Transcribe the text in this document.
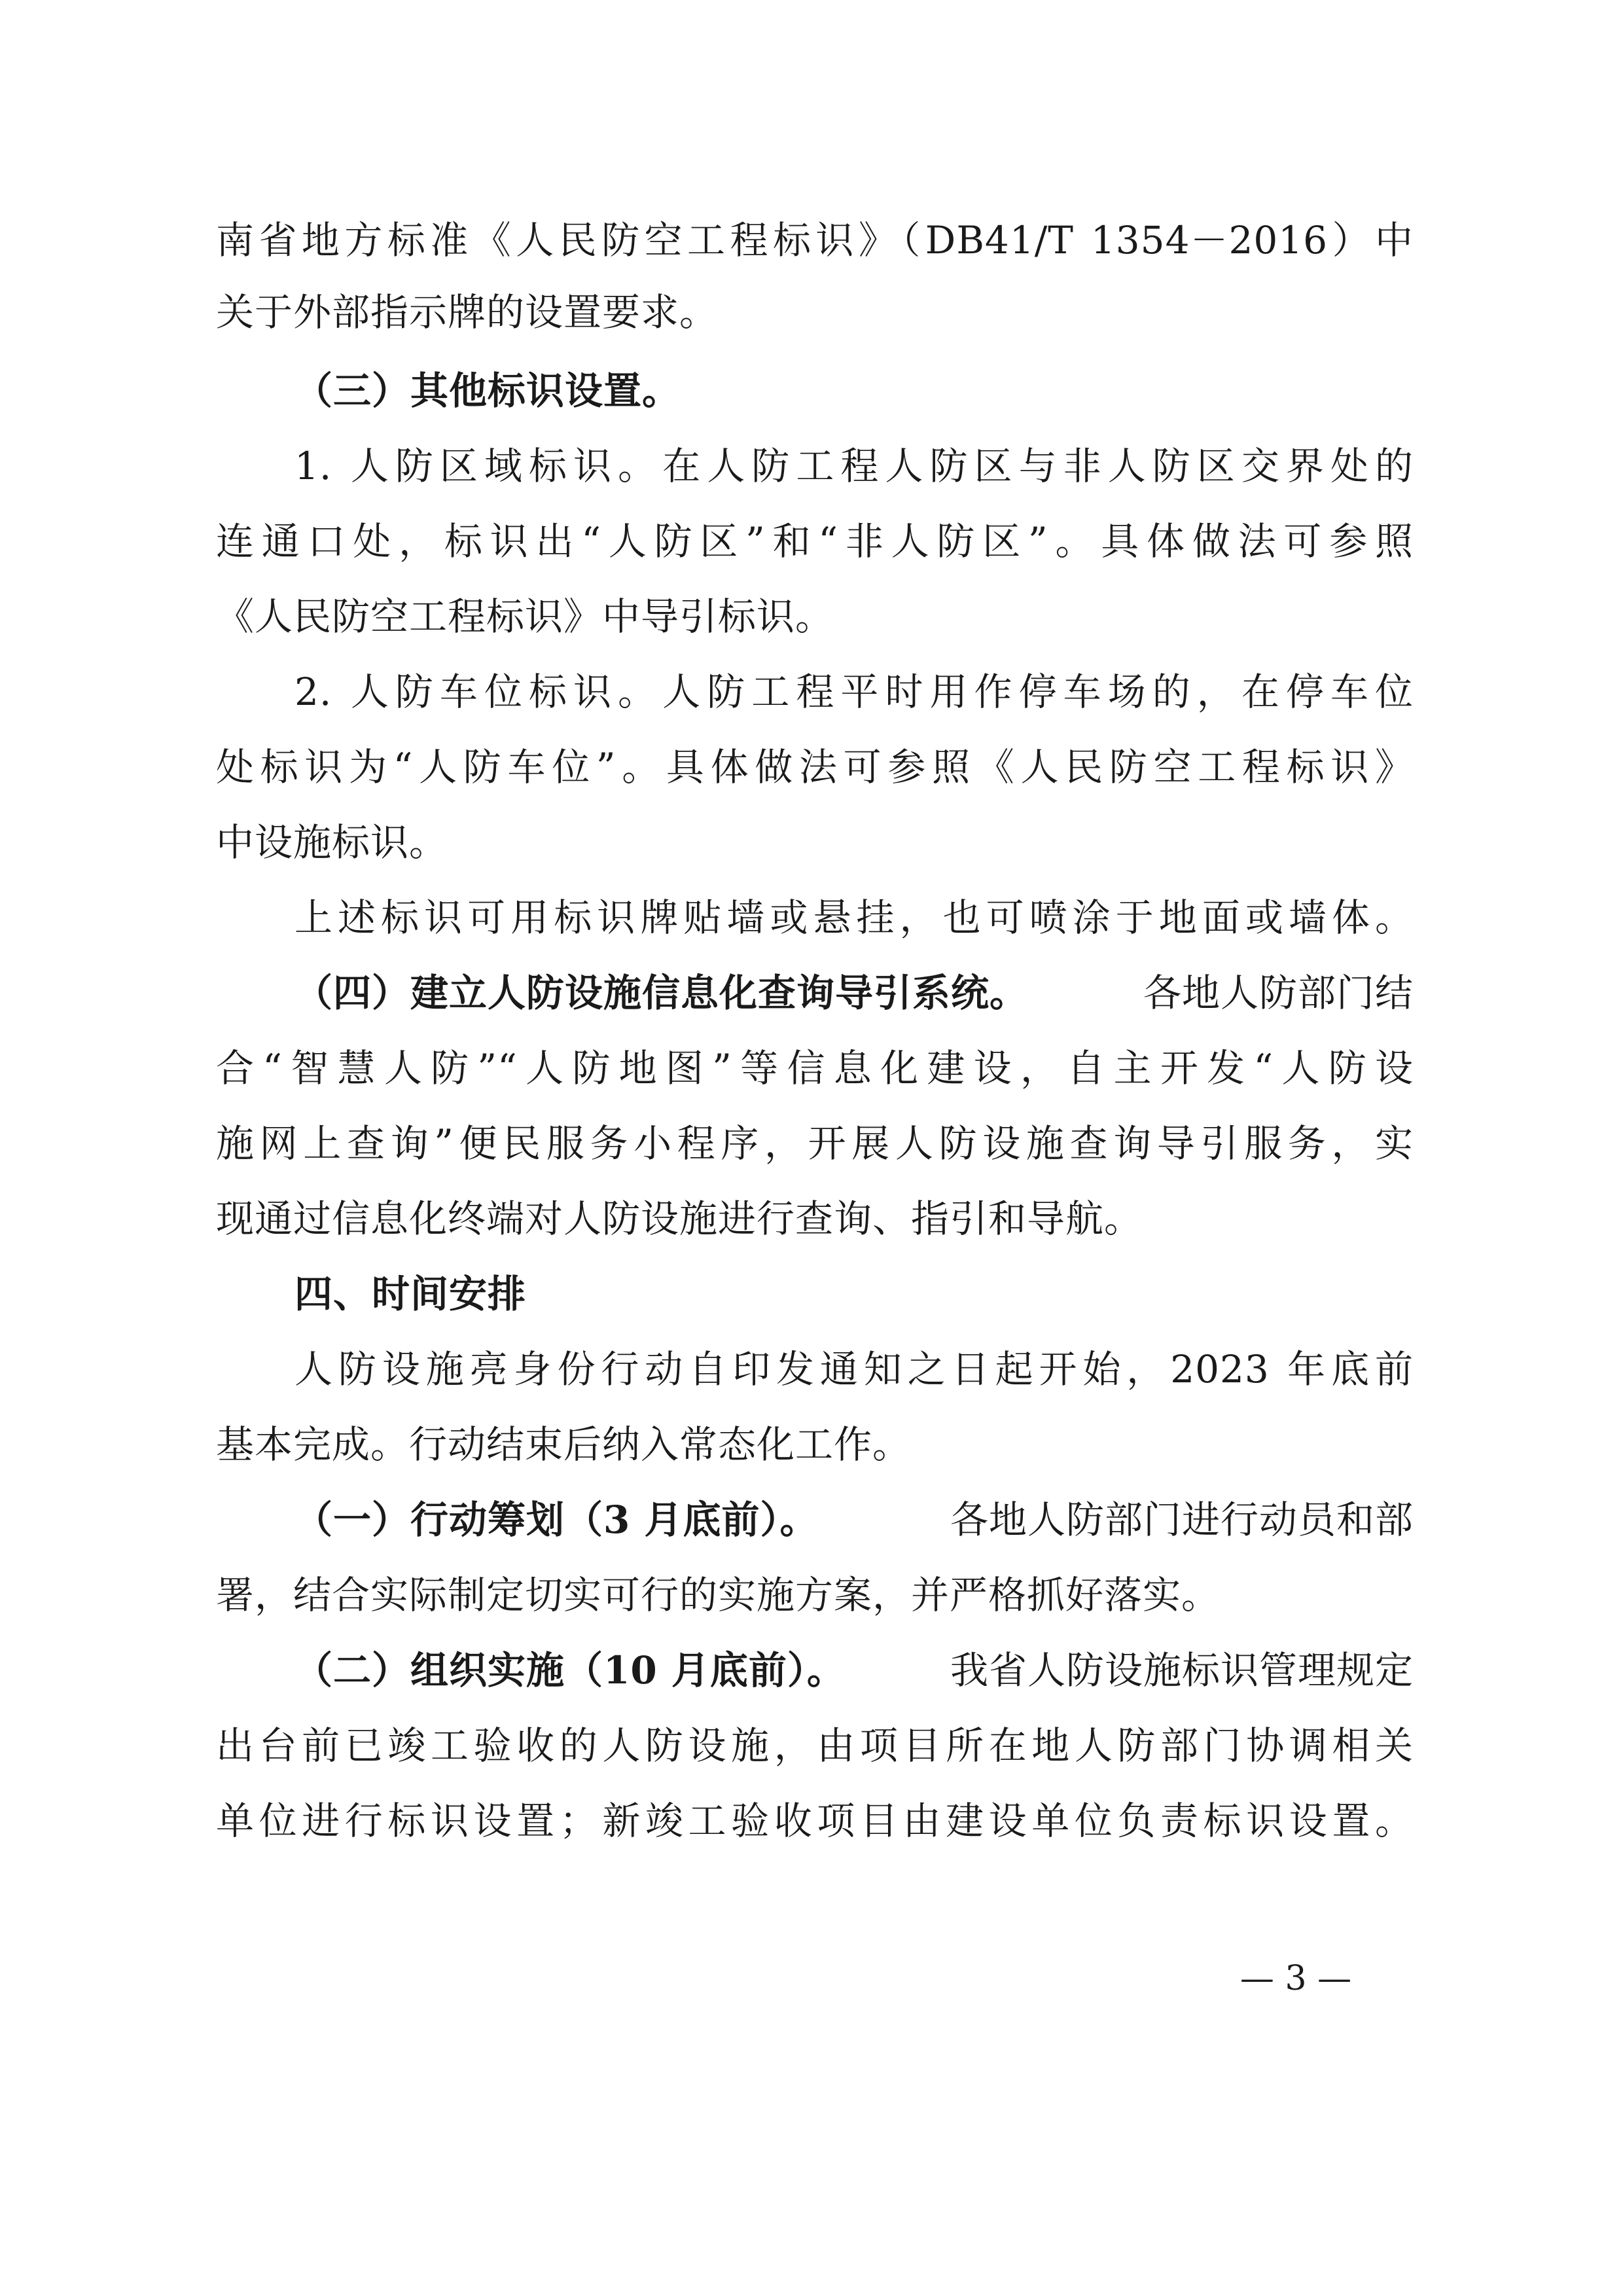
南省地方标准《人民防空工程标识》（DB41/T 1354－2016）中
关于外部指示牌的设置要求。
（三）其他标识设置。
1. 人防区域标识。在人防工程人防区与非人防区交界处的
连通口处，标识出“人防区”和“非人防区”。具体做法可参照
《人民防空工程标识》中导引标识。
2. 人防车位标识。人防工程平时用作停车场的，在停车位
处标识为“人防车位”。具体做法可参照《人民防空工程标识》
中设施标识。
上述标识可用标识牌贴墙或悬挂，也可喷涂于地面或墙体。
（四）建立人防设施信息化查询导引系统。	各地人防部门结
合“智慧人防”“人防地图”等信息化建设，自主开发“人防设
施网上查询”便民服务小程序，开展人防设施查询导引服务，实
现通过信息化终端对人防设施进行查询、指引和导航。
四、时间安排
人防设施亮身份行动自印发通知之日起开始，2023 年底前
基本完成。行动结束后纳入常态化工作。
（一）行动筹划（3 月底前）。	各地人防部门进行动员和部
署，结合实际制定切实可行的实施方案，并严格抓好落实。
（二）组织实施（10 月底前）。	我省人防设施标识管理规定
出台前已竣工验收的人防设施，由项目所在地人防部门协调相关
单位进行标识设置；新竣工验收项目由建设单位负责标识设置。
— 3 —
